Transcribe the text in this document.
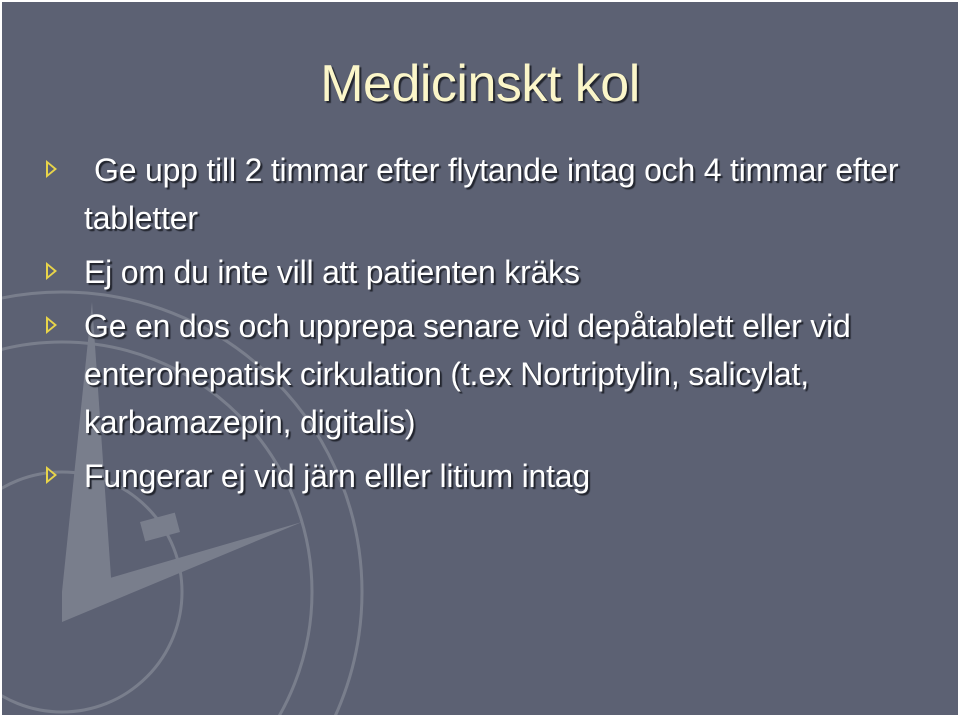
Medicinskt kol
Ge upp till 2 timmar efter flytande intag och 4 timmar efter tabletter
Ej om du inte vill att patienten kräks
Ge en dos och upprepa senare vid depåtablett eller vid enterohepatisk cirkulation (t.ex Nortriptylin, salicylat, karbamazepin, digitalis)
Fungerar ej vid järn elller litium intag
